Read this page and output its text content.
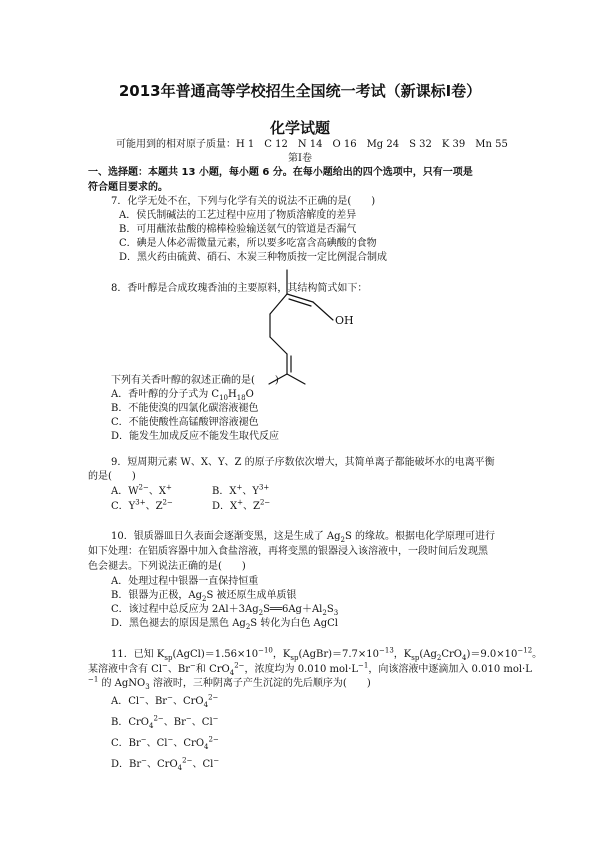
2013年普通高等学校招生全国统一考试（新课标Ⅰ卷）
化学试题
可能用到的相对原子质量：H 1　C 12　N 14　O 16　Mg 24　S 32　K 39　Mn 55
第Ⅰ卷
一、选择题：本题共 13 小题，每小题 6 分。在每小题给出的四个选项中，只有一项是
符合题目要求的。
7．化学无处不在，下列与化学有关的说法不正确的是(　　)
A．侯氏制碱法的工艺过程中应用了物质溶解度的差异
B．可用蘸浓盐酸的棉棒检验输送氨气的管道是否漏气
C．碘是人体必需微量元素，所以要多吃富含高碘酸的食物
D．黑火药由硫黄、硝石、木炭三种物质按一定比例混合制成
8．香叶醇是合成玫瑰香油的主要原料，其结构简式如下：
OH
下列有关香叶醇的叙述正确的是(　　)
A．香叶醇的分子式为 $C_{10}H_{18}O$
B．不能使溴的四氯化碳溶液褪色
C．不能使酸性高锰酸钾溶液褪色
D．能发生加成反应不能发生取代反应
9．短周期元素 W、X、Y、Z 的原子序数依次增大，其简单离子都能破坏水的电离平衡
的是(　　)
A．$W^{2-}$、X+	B．X+、$Y^{3+}$
C．$Y^{3+}$、$Z^{2-}$	D．X+、$Z^{2-}$
10．银质器皿日久表面会逐渐变黑，这是生成了 $Ag_2S$ 的缘故。根据电化学原理可进行
如下处理：在铝质容器中加入食盐溶液，再将变黑的银器浸入该溶液中，一段时间后发现黑
色会褪去。下列说法正确的是(　　)
A．处理过程中银器一直保持恒重
B．银器为正极，$Ag_2S$ 被还原生成单质银
C．该过程中总反应为 $2Al+3Ag_2S══6Ag+Al_2S_3$
D．黑色褪去的原因是黑色 $Ag_2S$ 转化为白色 AgCl
11．已知 $K_{sp}(AgCl)=1.56\times 10^{-10}$，$K_{sp}(AgBr)=7.7\times 10^{-13}$，$K_{sp}(Ag_2CrO_4)=9.0\times 10^{-12}$。
某溶液中含有 Cl−、Br−和 CrO$_4^{2-}$，浓度均为 0.010 $mol\cdot L^{-1}$，向该溶液中逐滴加入 0.010 mol·L
$^{-1}$ 的 AgNO$_3$ 溶液时，三种阴离子产生沉淀的先后顺序为(　　)
A．Cl−、Br−、CrO$_4^{2-}$
B．CrO$_4^{2-}$、Br−、Cl−
C．Br−、Cl−、CrO$_4^{2-}$
D．Br−、CrO$_4^{2-}$、Cl−
